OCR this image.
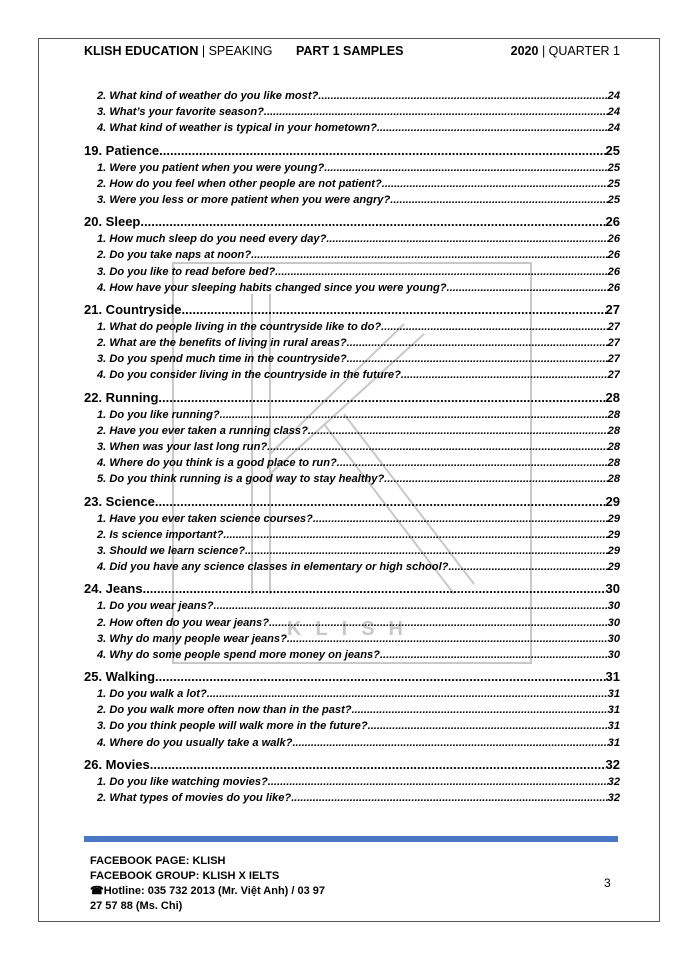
KLISH EDUCATION | SPEAKING PART 1 SAMPLES	2020 | QUARTER 1
KLISH
2. What kind of weather do you like most? .....	24
3. What’s your favorite season? .....	24
4. What kind of weather is typical in your hometown? .....	24
19. Patience .....	25
1. Were you patient when you were young? .....	25
2. How do you feel when other people are not patient? .....	25
3. Were you less or more patient when you were angry? .....	25
20. Sleep .....	26
1. How much sleep do you need every day? .....	26
2. Do you take naps at noon? .....	26
3. Do you like to read before bed? .....	26
4. How have your sleeping habits changed since you were young? .....	26
21. Countryside .....	27
1. What do people living in the countryside like to do? .....	27
2. What are the benefits of living in rural areas? .....	27
3. Do you spend much time in the countryside? .....	27
4. Do you consider living in the countryside in the future? .....	27
22. Running .....	28
1. Do you like running? .....	28
2. Have you ever taken a running class? .....	28
3. When was your last long run? .....	28
4. Where do you think is a good place to run? .....	28
5. Do you think running is a good way to stay healthy? .....	28
23. Science .....	29
1. Have you ever taken science courses? .....	29
2. Is science important? .....	29
3. Should we learn science? .....	29
4. Did you have any science classes in elementary or high school? .....	29
24. Jeans .....	30
1. Do you wear jeans? .....	30
2. How often do you wear jeans? .....	30
3. Why do many people wear jeans? .....	30
4. Why do some people spend more money on jeans? .....	30
25. Walking .....	31
1. Do you walk a lot? .....	31
2. Do you walk more often now than in the past? .....	31
3. Do you think people will walk more in the future? .....	31
4. Where do you usually take a walk? .....	31
26. Movies .....	32
1. Do you like watching movies? .....	32
2. What types of movies do you like? .....	32
FACEBOOK PAGE: KLISH
FACEBOOK GROUP: KLISH X IELTS
☎Hotline: 035 732 2013 (Mr. Việt Anh) / 03 97
27 57 88 (Ms. Chi)
3
